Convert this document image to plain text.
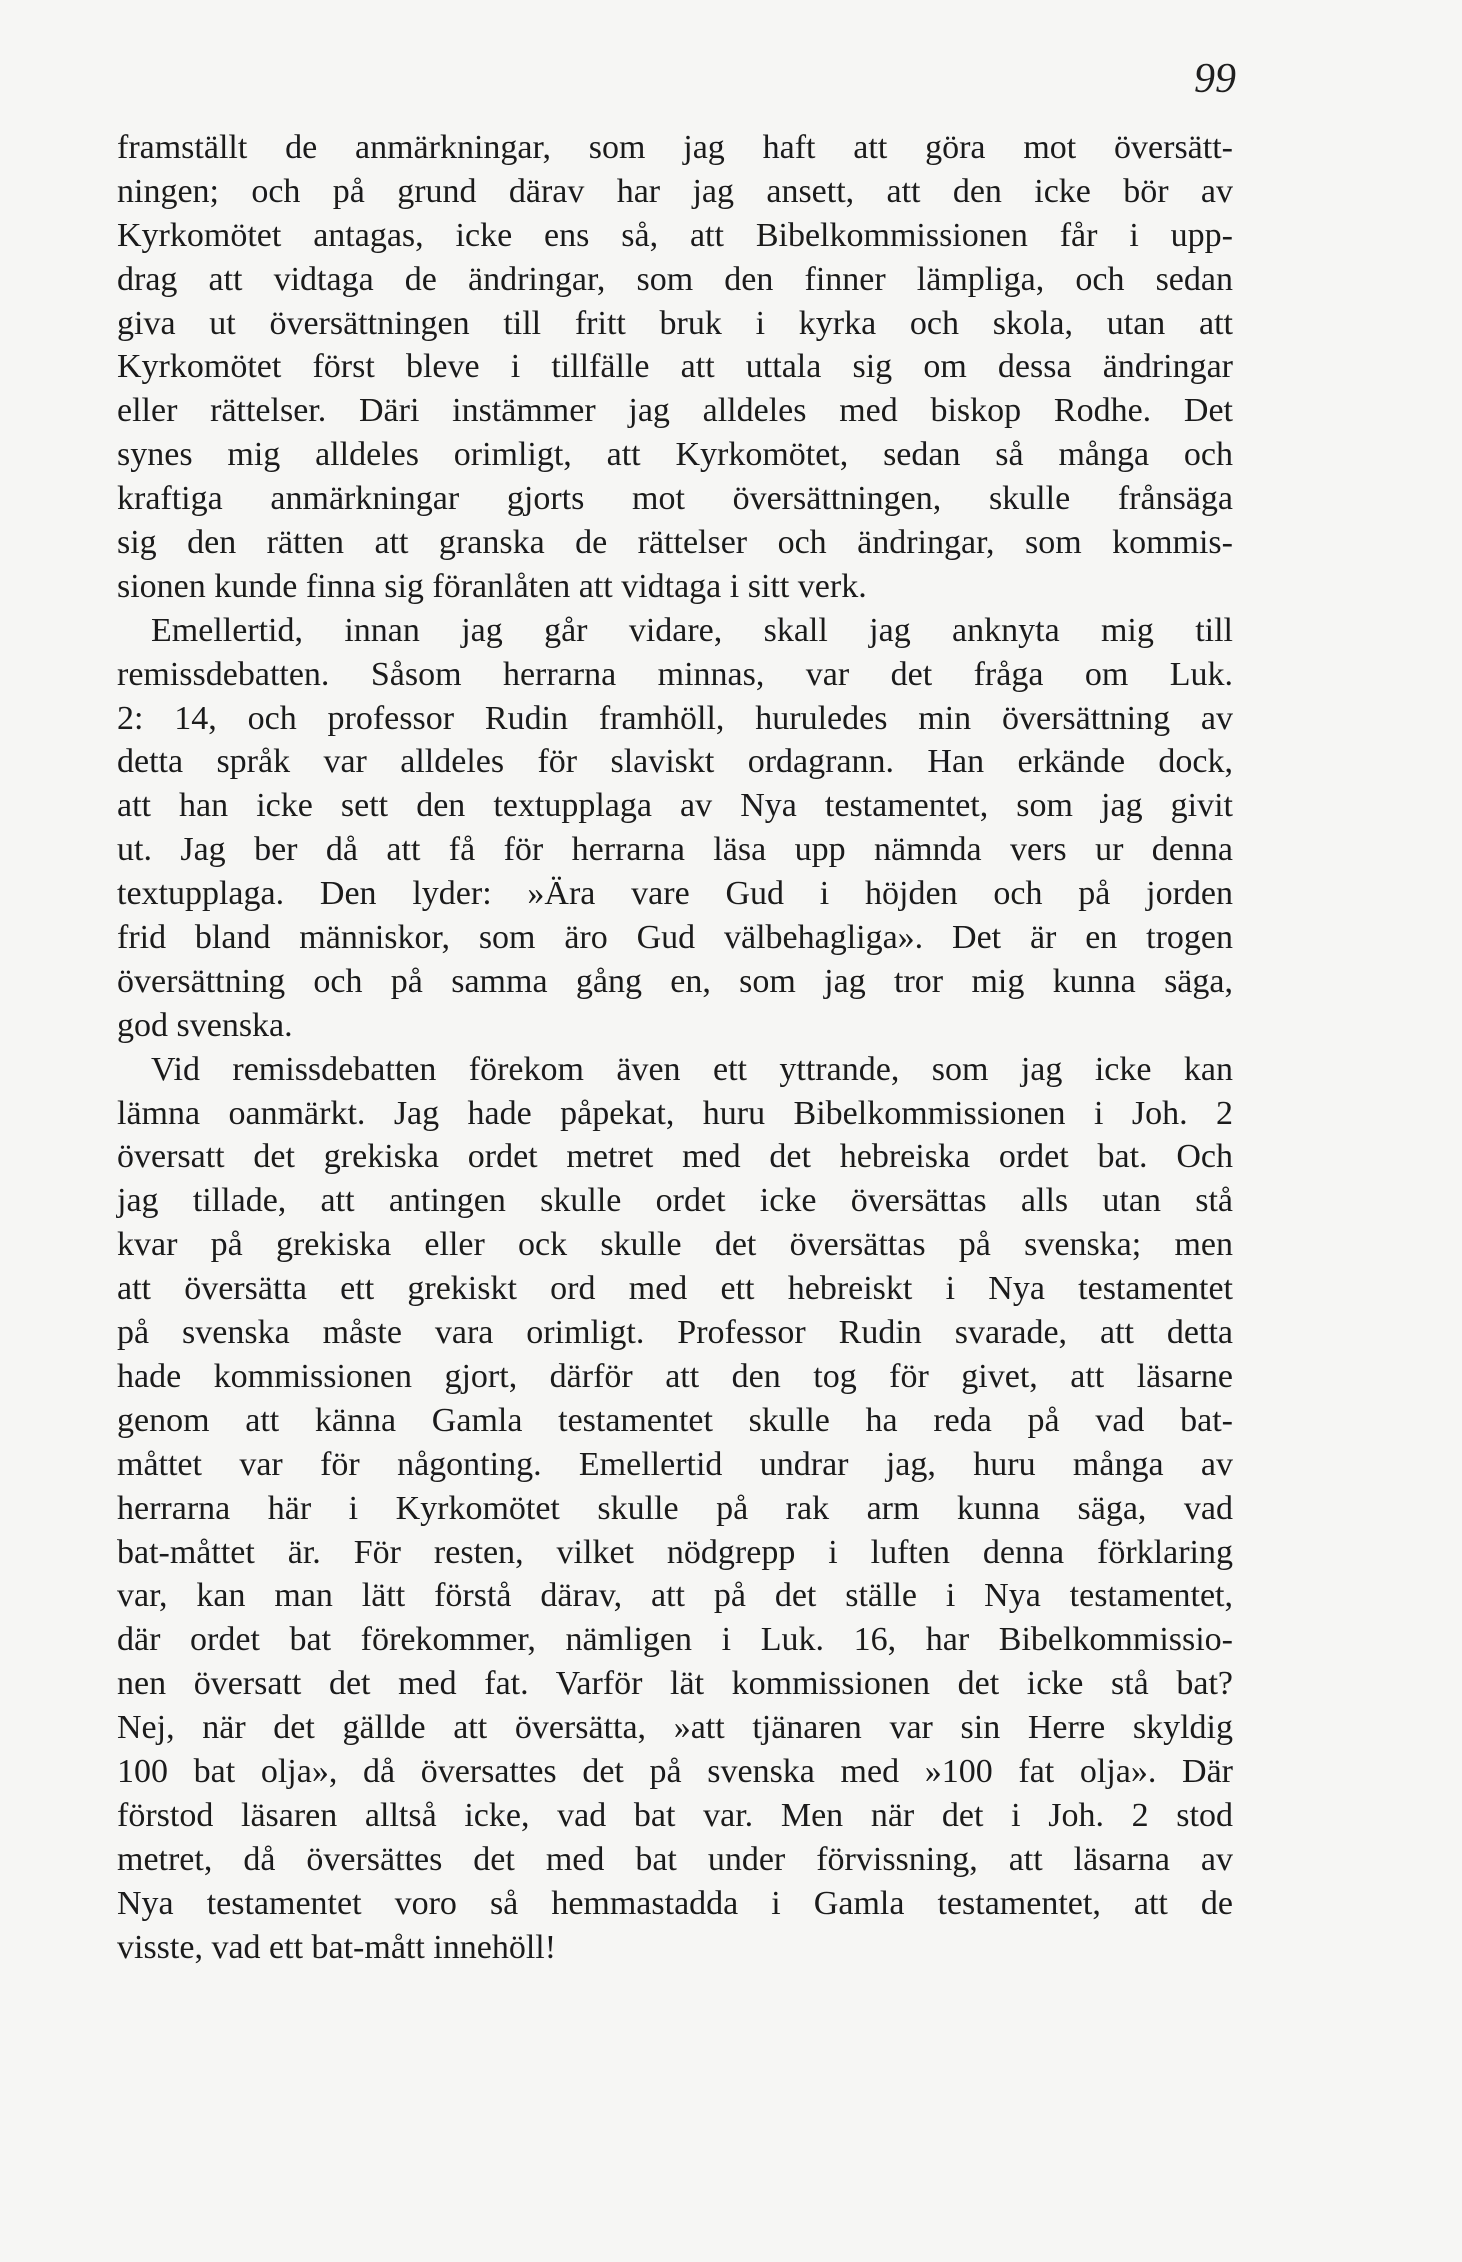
99
framställt de anmärkningar, som jag haft att göra mot översätt-
ningen; och på grund därav har jag ansett, att den icke bör av
Kyrkomötet antagas, icke ens så, att Bibelkommissionen får i upp-
drag att vidtaga de ändringar, som den finner lämpliga, och sedan
giva ut översättningen till fritt bruk i kyrka och skola, utan att
Kyrkomötet först bleve i tillfälle att uttala sig om dessa ändringar
eller rättelser. Däri instämmer jag alldeles med biskop Rodhe. Det
synes mig alldeles orimligt, att Kyrkomötet, sedan så många och
kraftiga anmärkningar gjorts mot översättningen, skulle frånsäga
sig den rätten att granska de rättelser och ändringar, som kommis-
sionen kunde finna sig föranlåten att vidtaga i sitt verk.
Emellertid, innan jag går vidare, skall jag anknyta mig till
remissdebatten. Såsom herrarna minnas, var det fråga om Luk.
2: 14, och professor Rudin framhöll, huruledes min översättning av
detta språk var alldeles för slaviskt ordagrann. Han erkände dock,
att han icke sett den textupplaga av Nya testamentet, som jag givit
ut. Jag ber då att få för herrarna läsa upp nämnda vers ur denna
textupplaga. Den lyder: »Ära vare Gud i höjden och på jorden
frid bland människor, som äro Gud välbehagliga». Det är en trogen
översättning och på samma gång en, som jag tror mig kunna säga,
god svenska.
Vid remissdebatten förekom även ett yttrande, som jag icke kan
lämna oanmärkt. Jag hade påpekat, huru Bibelkommissionen i Joh. 2
översatt det grekiska ordet metret med det hebreiska ordet bat. Och
jag tillade, att antingen skulle ordet icke översättas alls utan stå
kvar på grekiska eller ock skulle det översättas på svenska; men
att översätta ett grekiskt ord med ett hebreiskt i Nya testamentet
på svenska måste vara orimligt. Professor Rudin svarade, att detta
hade kommissionen gjort, därför att den tog för givet, att läsarne
genom att känna Gamla testamentet skulle ha reda på vad bat-
måttet var för någonting. Emellertid undrar jag, huru många av
herrarna här i Kyrkomötet skulle på rak arm kunna säga, vad
bat-måttet är. För resten, vilket nödgrepp i luften denna förklaring
var, kan man lätt förstå därav, att på det ställe i Nya testamentet,
där ordet bat förekommer, nämligen i Luk. 16, har Bibelkommissio-
nen översatt det med fat. Varför lät kommissionen det icke stå bat?
Nej, när det gällde att översätta, »att tjänaren var sin Herre skyldig
100 bat olja», då översattes det på svenska med »100 fat olja». Där
förstod läsaren alltså icke, vad bat var. Men när det i Joh. 2 stod
metret, då översättes det med bat under förvissning, att läsarna av
Nya testamentet voro så hemmastadda i Gamla testamentet, att de
visste, vad ett bat-mått innehöll!
